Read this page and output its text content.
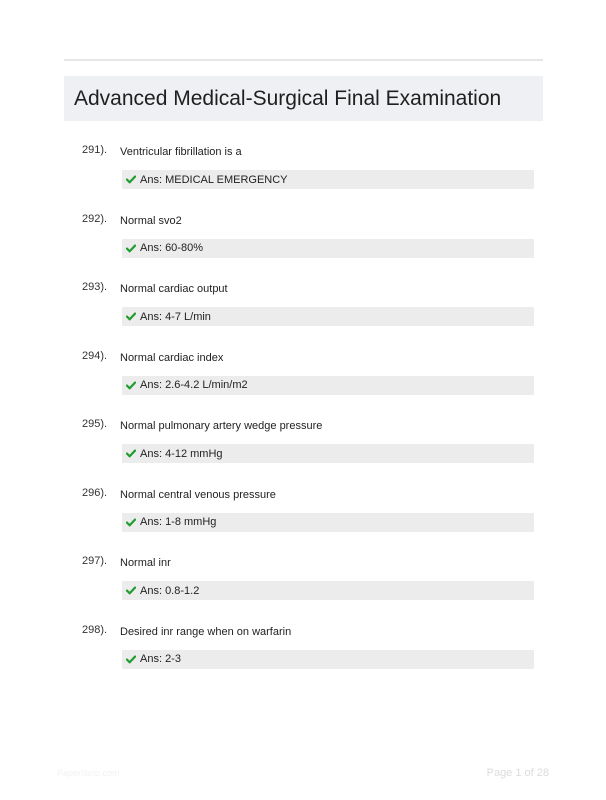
Advanced Medical-Surgical Final Examination
291). Ventricular fibrillation is a
Ans: MEDICAL EMERGENCY
292). Normal svo2
Ans: 60-80%
293). Normal cardiac output
Ans: 4-7 L/min
294). Normal cardiac index
Ans: 2.6-4.2 L/min/m2
295). Normal pulmonary artery wedge pressure
Ans: 4-12 mmHg
296). Normal central venous pressure
Ans: 1-8 mmHg
297). Normal inr
Ans: 0.8-1.2
298). Desired inr range when on warfarin
Ans: 2-3
Paperlibrio.com	Page 1 of 28
